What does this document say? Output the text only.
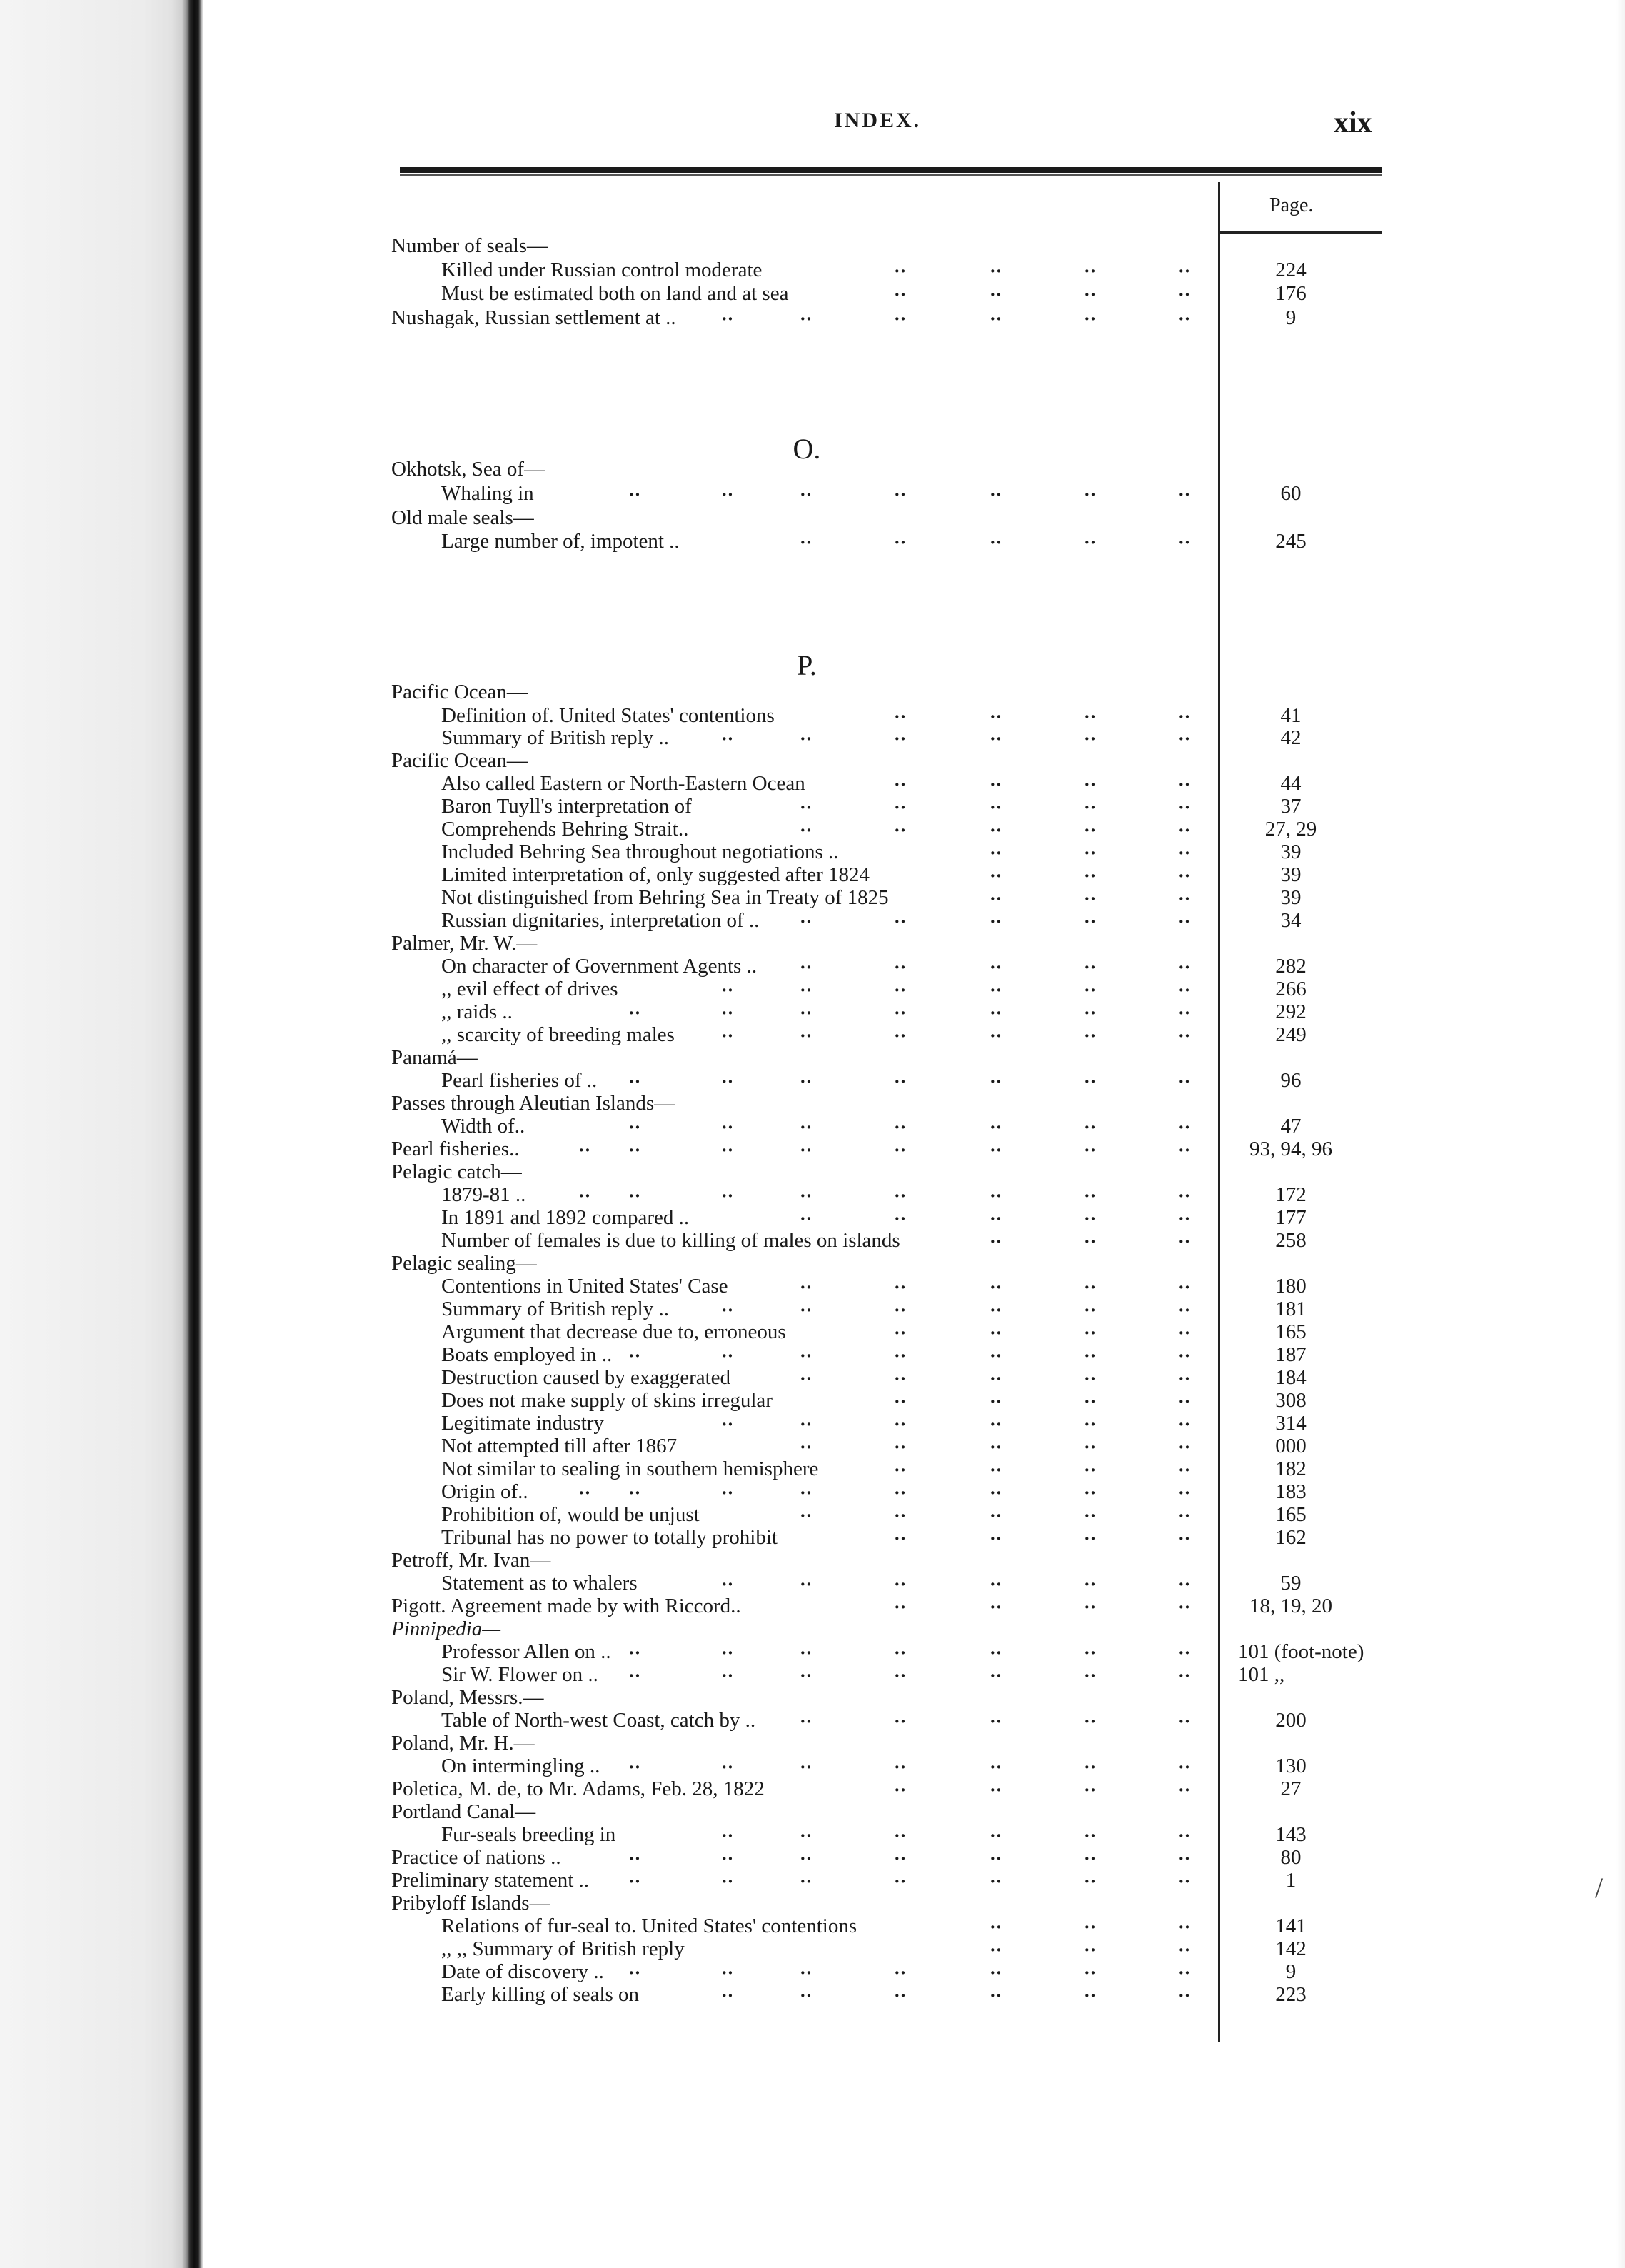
INDEX.	xix
Page.
Number of seals—
Killed under Russian control moderate	··	··	··	··	224
Must be estimated both on land and at sea	··	··	··	··	176
Nushagak, Russian settlement at .. ··	··	··	··	··	··	9
O.
Okhotsk, Sea of—
Whaling in	··	··	··	··	··	··	··	60
Old male seals—
Large number of, impotent ..	··	··	··	··	··	245
P.
Pacific Ocean—
Definition of. United States' contentions	··	··	··	··	41
Summary of British reply ..	··	··	··	··	··	··	42
Pacific Ocean—
Also called Eastern or North-Eastern Ocean	··	··	··	··	44
Baron Tuyll's interpretation of	··	··	··	··	··	37
Comprehends Behring Strait..	··	··	··	··	··	27, 29
Included Behring Sea throughout negotiations ..	··	··	··	39
Limited interpretation of, only suggested after 1824	··	··	··	39
Not distinguished from Behring Sea in Treaty of 1825	··	··	··	39
Russian dignitaries, interpretation of .. ··	··	··	··	··	34
Palmer, Mr. W.—
On character of Government Agents .. ··	··	··	··	··	282
,, evil effect of drives	··	··	··	··	··	··	266
,, raids ..	··	··	··	··	··	··	··	292
,, scarcity of breeding males	··	··	··	··	··	··	249
Panamá—
Pearl fisheries of .. ··	··	··	··	··	··	··	96
Passes through Aleutian Islands—
Width of..	··	··	··	··	··	··	··	47
Pearl fisheries..	·· ··	··	··	··	··	··	··	93, 94, 96
Pelagic catch—
1879-81 ..	·· ··	··	··	··	··	··	··	172
In 1891 and 1892 compared ..	··	··	··	··	··	177
Number of females is due to killing of males on islands	··	··	··	258
Pelagic sealing—
Contentions in United States' Case	··	··	··	··	··	180
Summary of British reply ..	··	··	··	··	··	··	181
Argument that decrease due to, erroneous	··	··	··	··	165
Boats employed in .. ··	··	··	··	··	··	··	187
Destruction caused by exaggerated	··	··	··	··	··	184
Does not make supply of skins irregular	··	··	··	··	308
Legitimate industry	··	··	··	··	··	··	314
Not attempted till after 1867	··	··	··	··	··	000
Not similar to sealing in southern hemisphere	··	··	··	··	182
Origin of..	·· ··	··	··	··	··	··	··	183
Prohibition of, would be unjust	··	··	··	··	··	165
Tribunal has no power to totally prohibit	··	··	··	··	162
Petroff, Mr. Ivan—
Statement as to whalers	··	··	··	··	··	··	59
Pigott. Agreement made by with Riccord..	··	··	··	··	18, 19, 20
Pinnipedia—
Professor Allen on .. ··	··	··	··	··	··	·· 101 (foot-note)
Sir W. Flower on .. ··	··	··	··	··	··	·· 101 ,,
Poland, Messrs.—
Table of North-west Coast, catch by .. ··	··	··	··	··	200
Poland, Mr. H.—
On intermingling .. ··	··	··	··	··	··	··	130
Poletica, M. de, to Mr. Adams, Feb. 28, 1822	··	··	··	··	27
Portland Canal—
Fur-seals breeding in	··	··	··	··	··	··	143
Practice of nations ..	··	··	··	··	··	··	··	80
Preliminary statement .. ··	··	··	··	··	··	··	1
Pribyloff Islands—
Relations of fur-seal to. United States' contentions	··	··	··	141
,, ,, Summary of British reply	··	··	··	142
Date of discovery .. ··	··	··	··	··	··	··	9
Early killing of seals on	··	··	··	··	··	··	223
/
